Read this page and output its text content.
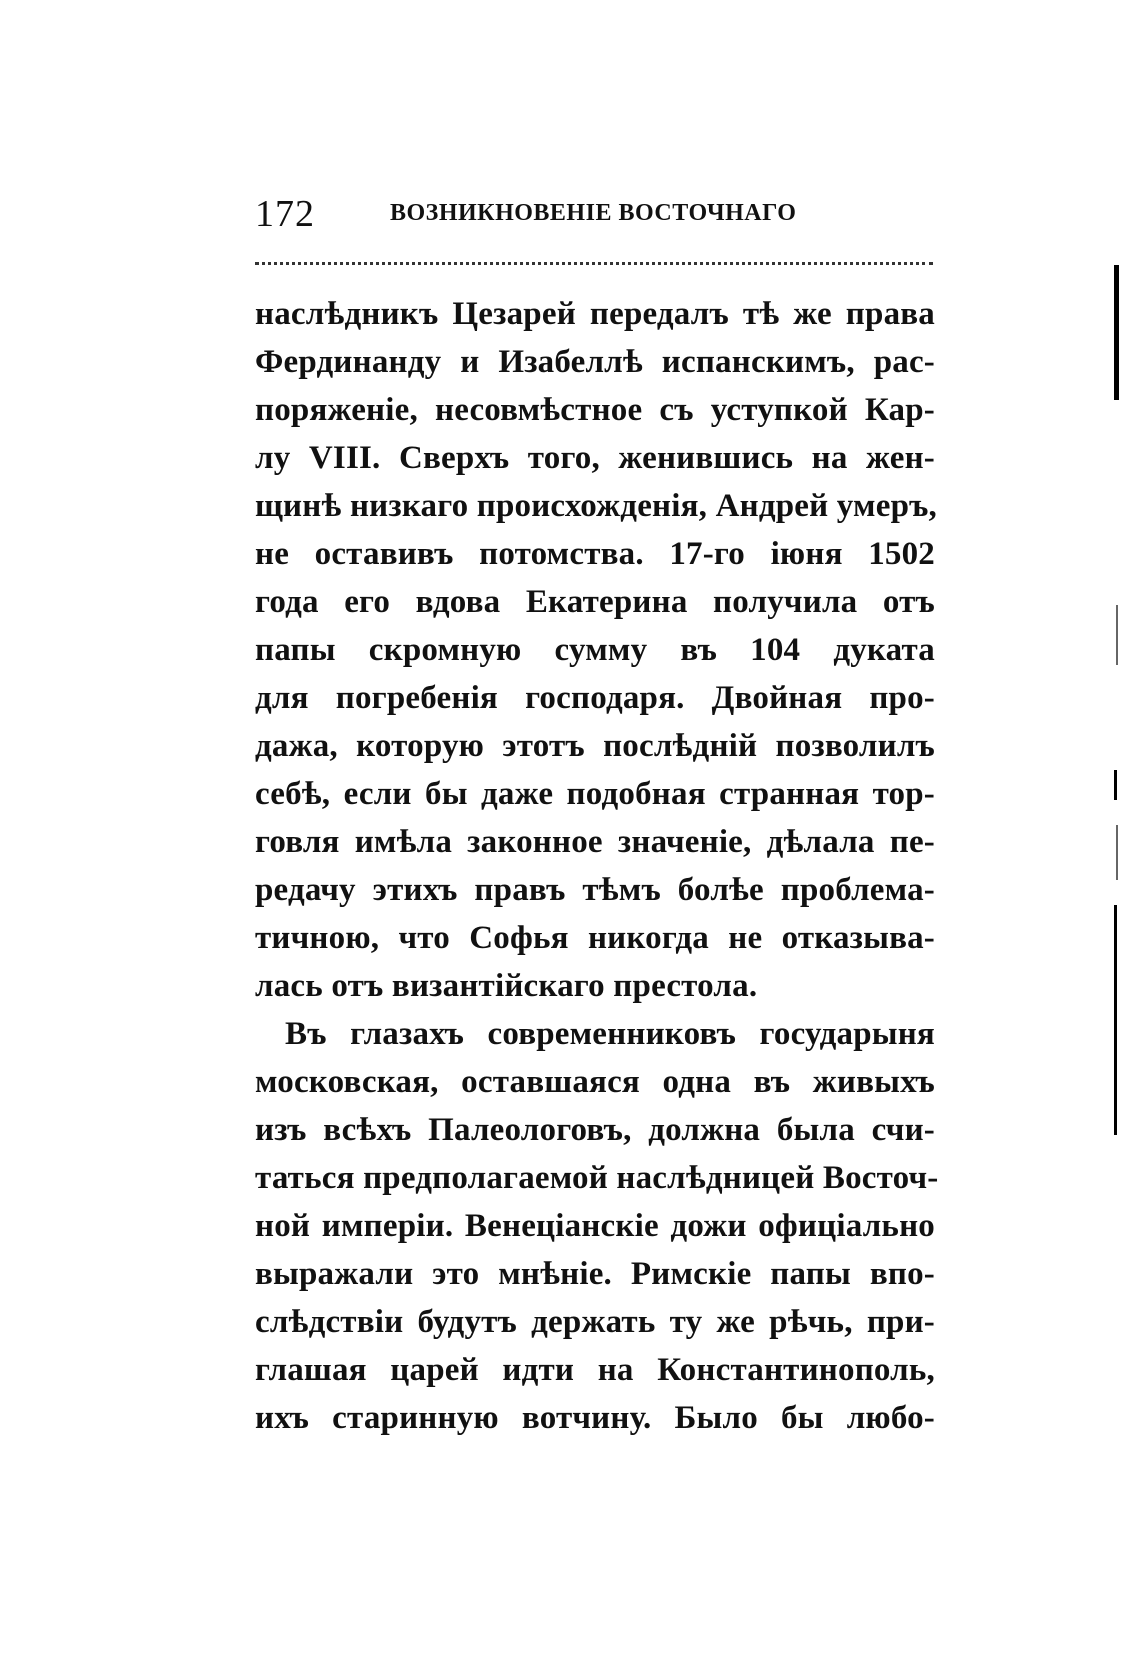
172	ВОЗНИКНОВЕНІЕ ВОСТОЧНАГО
наслѣдникъ Цезарей передалъ тѣ же права
Фердинанду и Изабеллѣ испанскимъ, рас-
поряженіе, несовмѣстное съ уступкой Кар-
лу VIII. Сверхъ того, женившись на жен-
щинѣ низкаго происхожденія, Андрей умеръ,
не оставивъ потомства. 17-го іюня 1502
года его вдова Екатерина получила отъ
папы скромную сумму въ 104 дуката
для погребенія господаря. Двойная про-
дажа, которую этотъ послѣдній позволилъ
себѣ, если бы даже подобная странная тор-
говля имѣла законное значеніе, дѣлала пе-
редачу этихъ правъ тѣмъ болѣе проблема-
тичною, что Софья никогда не отказыва-
лась отъ византійскаго престола.
Въ глазахъ современниковъ государыня
московская, оставшаяся одна въ живыхъ
изъ всѣхъ Палеологовъ, должна была счи-
таться предполагаемой наслѣдницей Восточ-
ной имперіи. Венеціанскіе дожи офиціально
выражали это мнѣніе. Римскіе папы впо-
слѣдствіи будутъ держать ту же рѣчь, при-
глашая царей идти на Константинополь,
ихъ старинную вотчину. Было бы любо-
